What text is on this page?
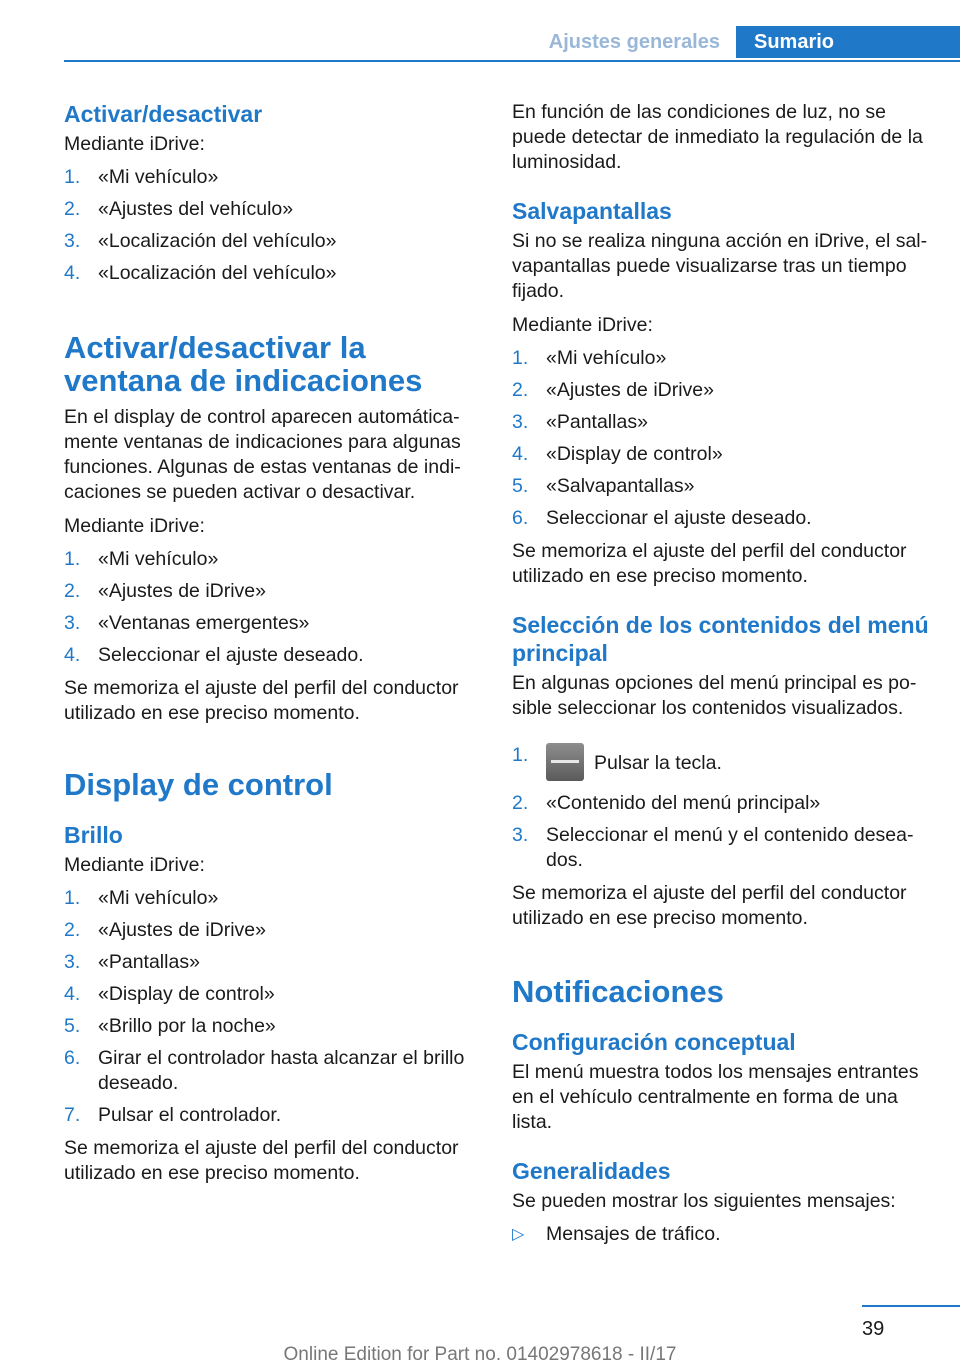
Ajustes generales	Sumario
Activar/desactivar

Mediante iDrive:

1. «Mi vehículo»
2. «Ajustes del vehículo»
3. «Localización del vehículo»
4. «Localización del vehículo»
Activar/desactivar la ventana de indicaciones

En el display de control aparecen automática-mente ventanas de indicaciones para algunas funciones. Algunas de estas ventanas de indi-caciones se pueden activar o desactivar.

Mediante iDrive:

1. «Mi vehículo»
2. «Ajustes de iDrive»
3. «Ventanas emergentes»
4. Seleccionar el ajuste deseado.

Se memoriza el ajuste del perfil del conductor utilizado en ese preciso momento.

Display de control
Brillo

Mediante iDrive:

1. «Mi vehículo»
2. «Ajustes de iDrive»
3. «Pantallas»
4. «Display de control»
5. «Brillo por la noche»
6. Girar el controlador hasta alcanzar el brillo deseado.
7. Pulsar el controlador.

Se memoriza el ajuste del perfil del conductor utilizado en ese preciso momento.

En función de las condiciones de luz, no se puede detectar de inmediato la regulación de la luminosidad.

Salvapantallas

Si no se realiza ninguna acción en iDrive, el sal-vapantallas puede visualizarse tras un tiempo fijado.

Mediante iDrive:

1. «Mi vehículo»
2. «Ajustes de iDrive»
3. «Pantallas»
4. «Display de control»
5. «Salvapantallas»
6. Seleccionar el ajuste deseado.

Se memoriza el ajuste del perfil del conductor utilizado en ese preciso momento.

Selección de los contenidos del menú principal

En algunas opciones del menú principal es po-sible seleccionar los contenidos visualizados.

1.	Pulsar la tecla.
2. «Contenido del menú principal»
3. Seleccionar el menú y el contenido desea-dos.

Se memoriza el ajuste del perfil del conductor utilizado en ese preciso momento.

Notificaciones
Configuración conceptual

El menú muestra todos los mensajes entrantes en el vehículo centralmente en forma de una lista.

Generalidades

Se pueden mostrar los siguientes mensajes:

▷	Mensajes de tráfico.
39
Online Edition for Part no. 01402978618 - II/17
